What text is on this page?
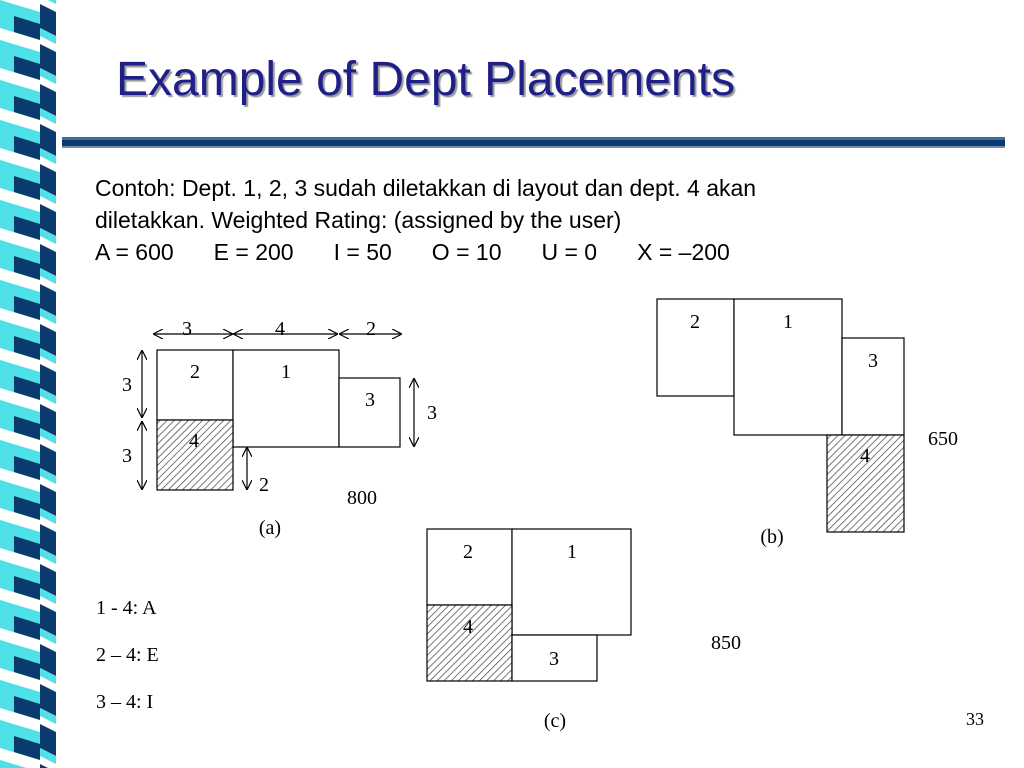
Example of Dept Placements

Contoh: Dept. 1, 2, 3 sudah diletakkan di layout dan dept. 4 akan

diletakkan. Weighted Rating: (assigned by the user)

A = 600 E = 200 I = 50 O = 10 U = 0 X = –200

2	1
3
4
3	4	2
3
3
3
2
800
(a)
2	1
3
4
650
(b)
2	1
4
3
850
(c)
1 - 4: A
2 – 4: E
3 – 4: I
33
